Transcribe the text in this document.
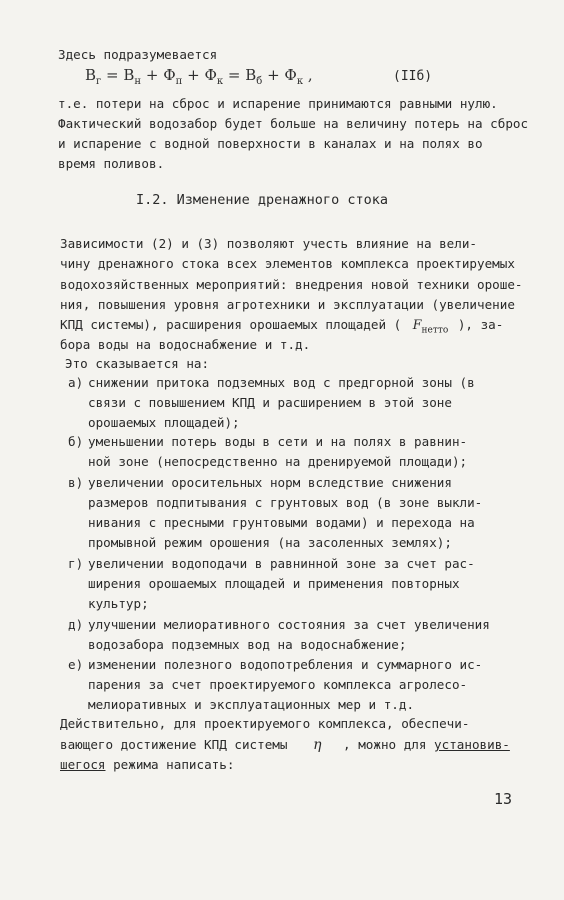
Здесь подразумевается
$В_г = В_н + Ф_п + Ф_к = В_б + Ф_к$ ,	(IIб)
т.е. потери на сброс и испарение принимаются равными нулю.
Фактический водозабор будет больше на величину потерь на сброс
и испарение с водной поверхности в каналах и на полях во
время поливов.
I.2. Изменение дренажного стока
Зависимости (2) и (3) позволяют учесть влияние на вели-
чину дренажного стока всех элементов комплекса проектируемых
водохозяйственных мероприятий: внедрения новой техники ороше-
ния, повышения уровня агротехники и эксплуатации (увеличение
КПД системы), расширения орошаемых площадей ( $F_{нетто}$ ), за-
бора воды на водоснабжение и т.д.
Это сказывается на:
а) снижении притока подземных вод с предгорной зоны (в
связи с повышением КПД и расширением в этой зоне
орошаемых площадей);
б) уменьшении потерь воды в сети и на полях в равнин-
ной зоне (непосредственно на дренируемой площади);
в) увеличении оросительных норм вследствие снижения
размеров подпитывания с грунтовых вод (в зоне выкли-
нивания с пресными грунтовыми водами) и перехода на
промывной режим орошения (на засоленных землях);
г) увеличении водоподачи в равнинной зоне за счет рас-
ширения орошаемых площадей и применения повторных
культур;
д) улучшении мелиоративного состояния за счет увеличения
водозабора подземных вод на водоснабжение;
е) изменении полезного водопотребления и суммарного ис-
парения за счет проектируемого комплекса агролесо-
мелиоративных и эксплуатационных мер и т.д.
Действительно, для проектируемого комплекса, обеспечи-
вающего достижение КПД системы η , можно для установив-
шегося режима написать:
13
